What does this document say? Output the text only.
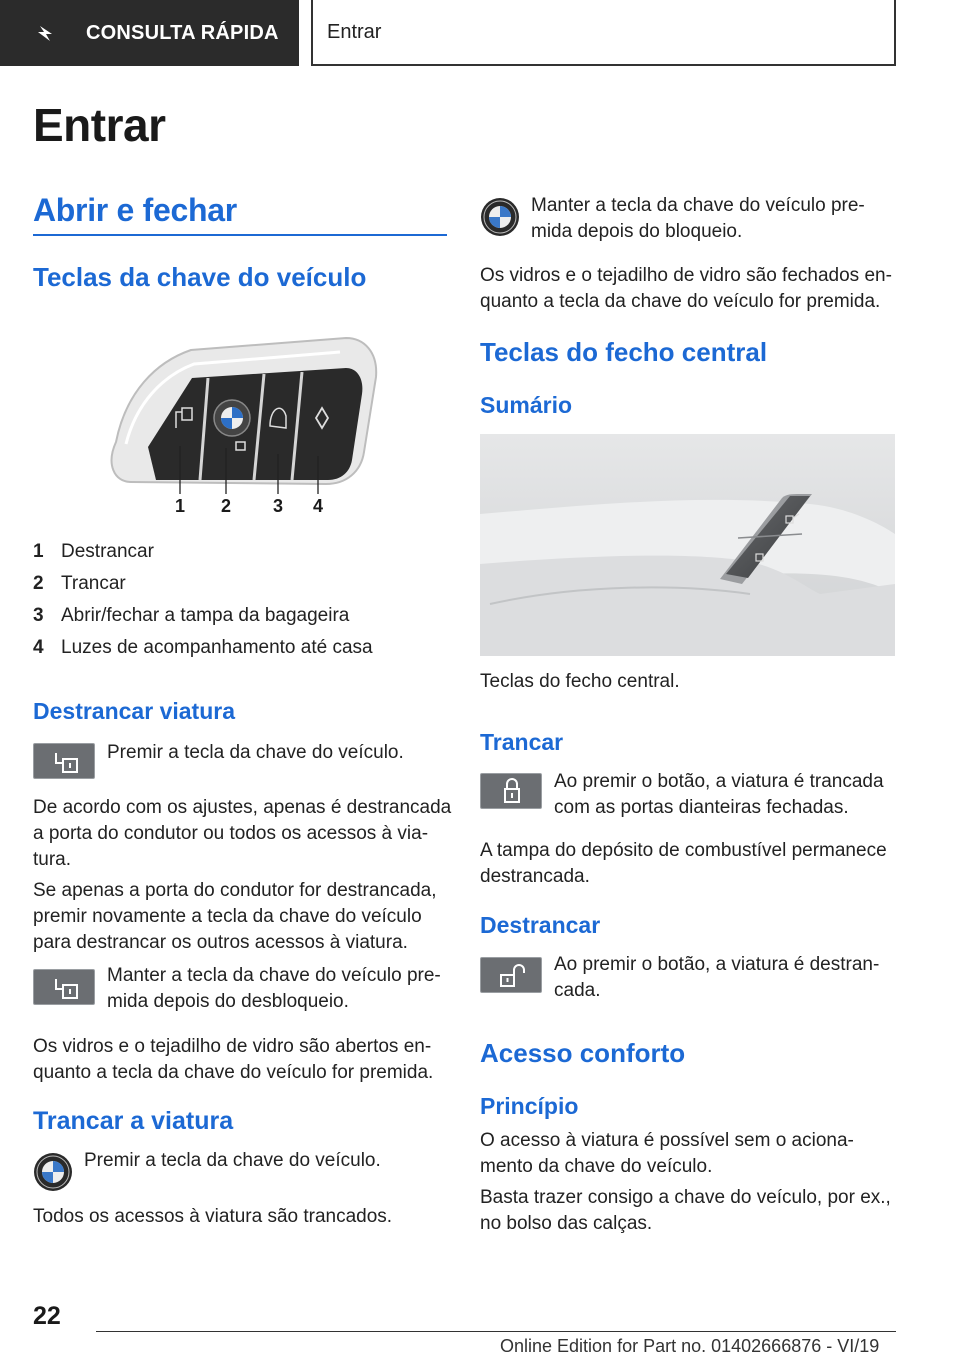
CONSULTA RÁPIDA Entrar
Entrar
Abrir e fechar
Teclas da chave do veículo
1 2 3 4
1 Destrancar
2 Trancar
3 Abrir/fechar a tampa da bagageira
4 Luzes de acompanhamento até casa
Destrancar viatura
Premir a tecla da chave do veículo.
De acordo com os ajustes, apenas é destrancada
a porta do condutor ou todos os acessos à via‐
tura.
Se apenas a porta do condutor for destrancada,
premir novamente a tecla da chave do veículo
para destrancar os outros acessos à viatura.
Manter a tecla da chave do veículo pre‐
mida depois do desbloqueio.
Os vidros e o tejadilho de vidro são abertos en‐
quanto a tecla da chave do veículo for premida.
Trancar a viatura
Premir a tecla da chave do veículo.
Todos os acessos à viatura são trancados.
Manter a tecla da chave do veículo pre‐
mida depois do bloqueio.
Os vidros e o tejadilho de vidro são fechados en‐
quanto a tecla da chave do veículo for premida.
Teclas do fecho central
Sumário
Teclas do fecho central.
Trancar
Ao premir o botão, a viatura é trancada
com as portas dianteiras fechadas.
A tampa do depósito de combustível permanece
destrancada.
Destrancar
Ao premir o botão, a viatura é destran‐
cada.
Acesso conforto
Princípio
O acesso à viatura é possível sem o aciona‐
mento da chave do veículo.
Basta trazer consigo a chave do veículo, por ex.,
no bolso das calças.
22
Online Edition for Part no. 01402666876 - VI/19
